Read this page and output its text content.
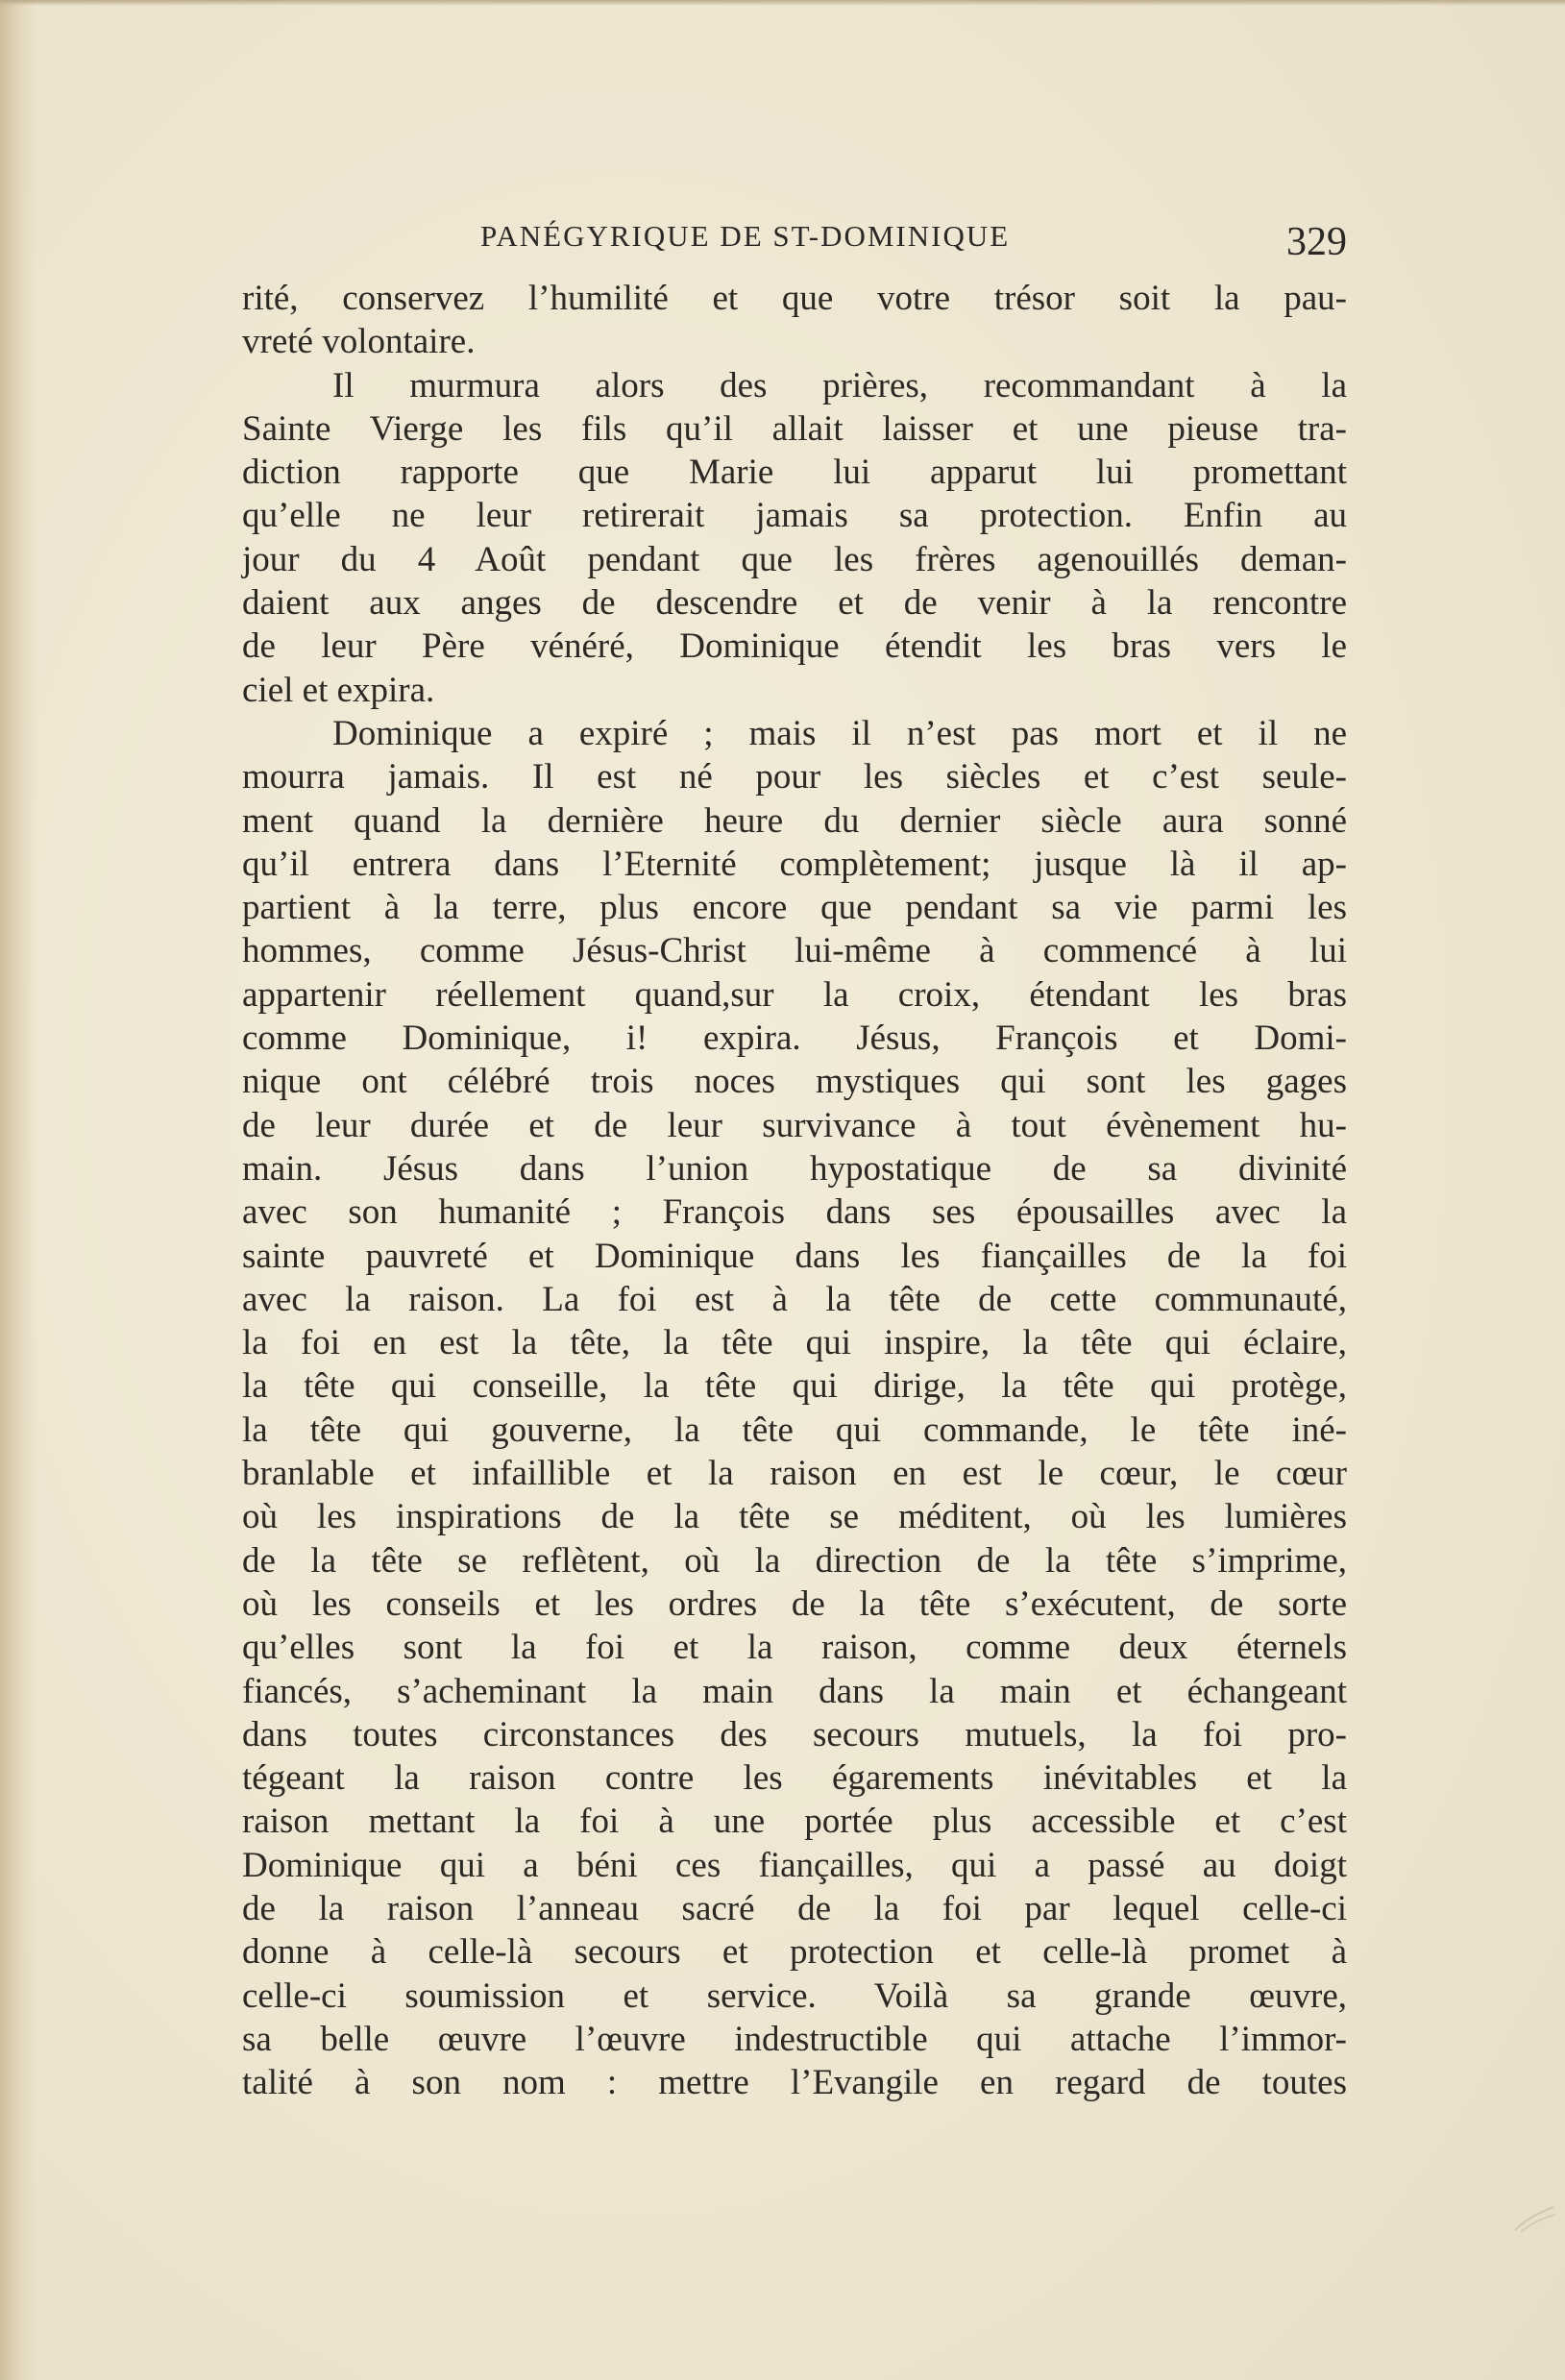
PANÉGYRIQUE DE ST-DOMINIQUE	329
rité, conservez l’humilité et que votre trésor soit la pau-
vreté volontaire.
Il murmura alors des prières, recommandant à la
Sainte Vierge les fils qu’il allait laisser et une pieuse tra-
diction rapporte que Marie lui apparut lui promettant
qu’elle ne leur retirerait jamais sa protection. Enfin au
jour du 4 Août pendant que les frères agenouillés deman-
daient aux anges de descendre et de venir à la rencontre
de leur Père vénéré, Dominique étendit les bras vers le
ciel et expira.
Dominique a expiré ; mais il n’est pas mort et il ne
mourra jamais. Il est né pour les siècles et c’est seule-
ment quand la dernière heure du dernier siècle aura sonné
qu’il entrera dans l’Eternité complètement; jusque là il ap-
partient à la terre, plus encore que pendant sa vie parmi les
hommes, comme Jésus-Christ lui-même à commencé à lui
appartenir réellement quand,sur la croix, étendant les bras
comme Dominique, i! expira. Jésus, François et Domi-
nique ont célébré trois noces mystiques qui sont les gages
de leur durée et de leur survivance à tout évènement hu-
main. Jésus dans l’union hypostatique de sa divinité
avec son humanité ; François dans ses épousailles avec la
sainte pauvreté et Dominique dans les fiançailles de la foi
avec la raison. La foi est à la tête de cette communauté,
la foi en est la tête, la tête qui inspire, la tête qui éclaire,
la tête qui conseille, la tête qui dirige, la tête qui protège,
la tête qui gouverne, la tête qui commande, le tête iné-
branlable et infaillible et la raison en est le cœur, le cœur
où les inspirations de la tête se méditent, où les lumières
de la tête se reflètent, où la direction de la tête s’imprime,
où les conseils et les ordres de la tête s’exécutent, de sorte
qu’elles sont la foi et la raison, comme deux éternels
fiancés, s’acheminant la main dans la main et échangeant
dans toutes circonstances des secours mutuels, la foi pro-
tégeant la raison contre les égarements inévitables et la
raison mettant la foi à une portée plus accessible et c’est
Dominique qui a béni ces fiançailles, qui a passé au doigt
de la raison l’anneau sacré de la foi par lequel celle-ci
donne à celle-là secours et protection et celle-là promet à
celle-ci soumission et service. Voilà sa grande œuvre,
sa belle œuvre l’œuvre indestructible qui attache l’immor-
talité à son nom : mettre l’Evangile en regard de toutes
